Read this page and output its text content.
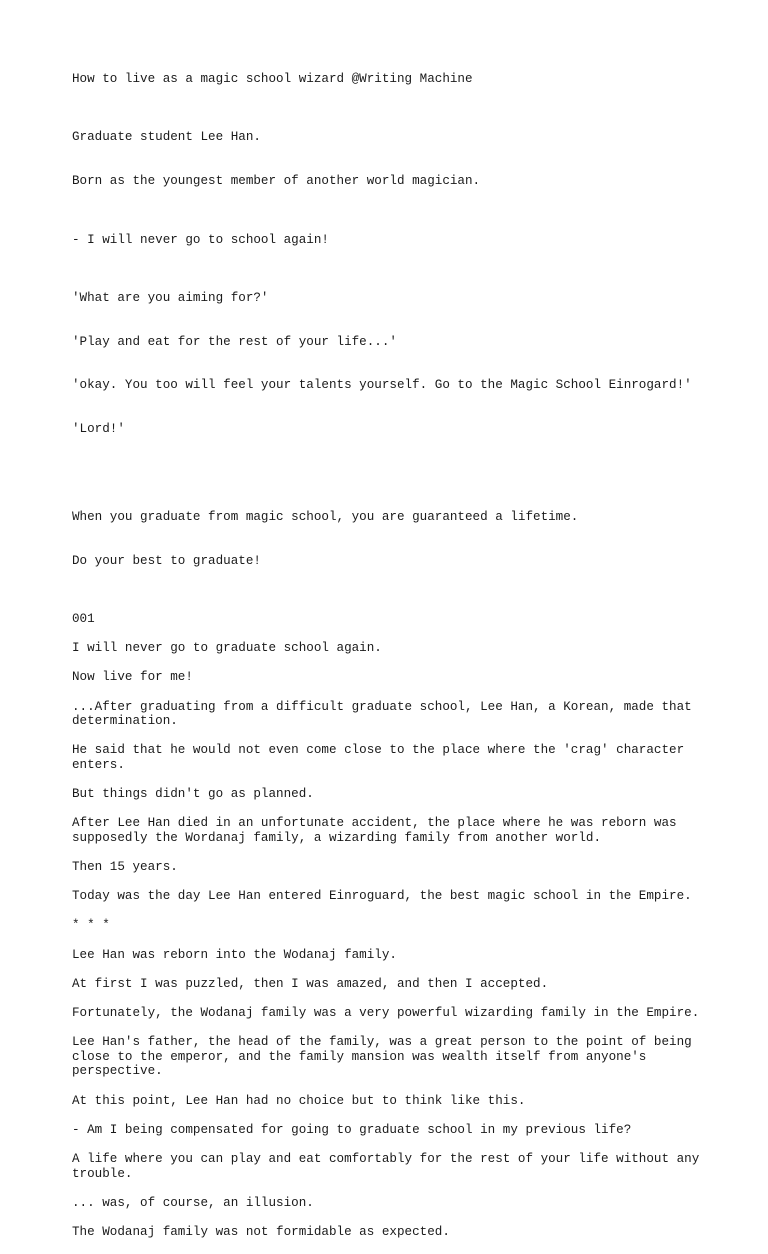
How to live as a magic school wizard @Writing Machine

Graduate student Lee Han.

Born as the youngest member of another world magician.

- I will never go to school again!

'What are you aiming for?'

'Play and eat for the rest of your life...'

'okay. You too will feel your talents yourself. Go to the Magic School Einrogard!'

'Lord!'

When you graduate from magic school, you are guaranteed a lifetime.

Do your best to graduate!

001

I will never go to graduate school again.

Now live for me!

...After graduating from a difficult graduate school, Lee Han, a Korean, made that determination.

He said that he would not even come close to the place where the 'crag' character enters.

But things didn't go as planned.

After Lee Han died in an unfortunate accident, the place where he was reborn was supposedly the Wordanaj family, a wizarding family from another world.

Then 15 years.

Today was the day Lee Han entered Einroguard, the best magic school in the Empire.

* * *

Lee Han was reborn into the Wodanaj family.

At first I was puzzled, then I was amazed, and then I accepted.

Fortunately, the Wodanaj family was a very powerful wizarding family in the Empire.

Lee Han's father, the head of the family, was a great person to the point of being close to the emperor, and the family mansion was wealth itself from anyone's perspective.

At this point, Lee Han had no choice but to think like this.

- Am I being compensated for going to graduate school in my previous life?

A life where you can play and eat comfortably for the rest of your life without any trouble.

... was, of course, an illusion.

The Wodanaj family was not formidable as expected.
